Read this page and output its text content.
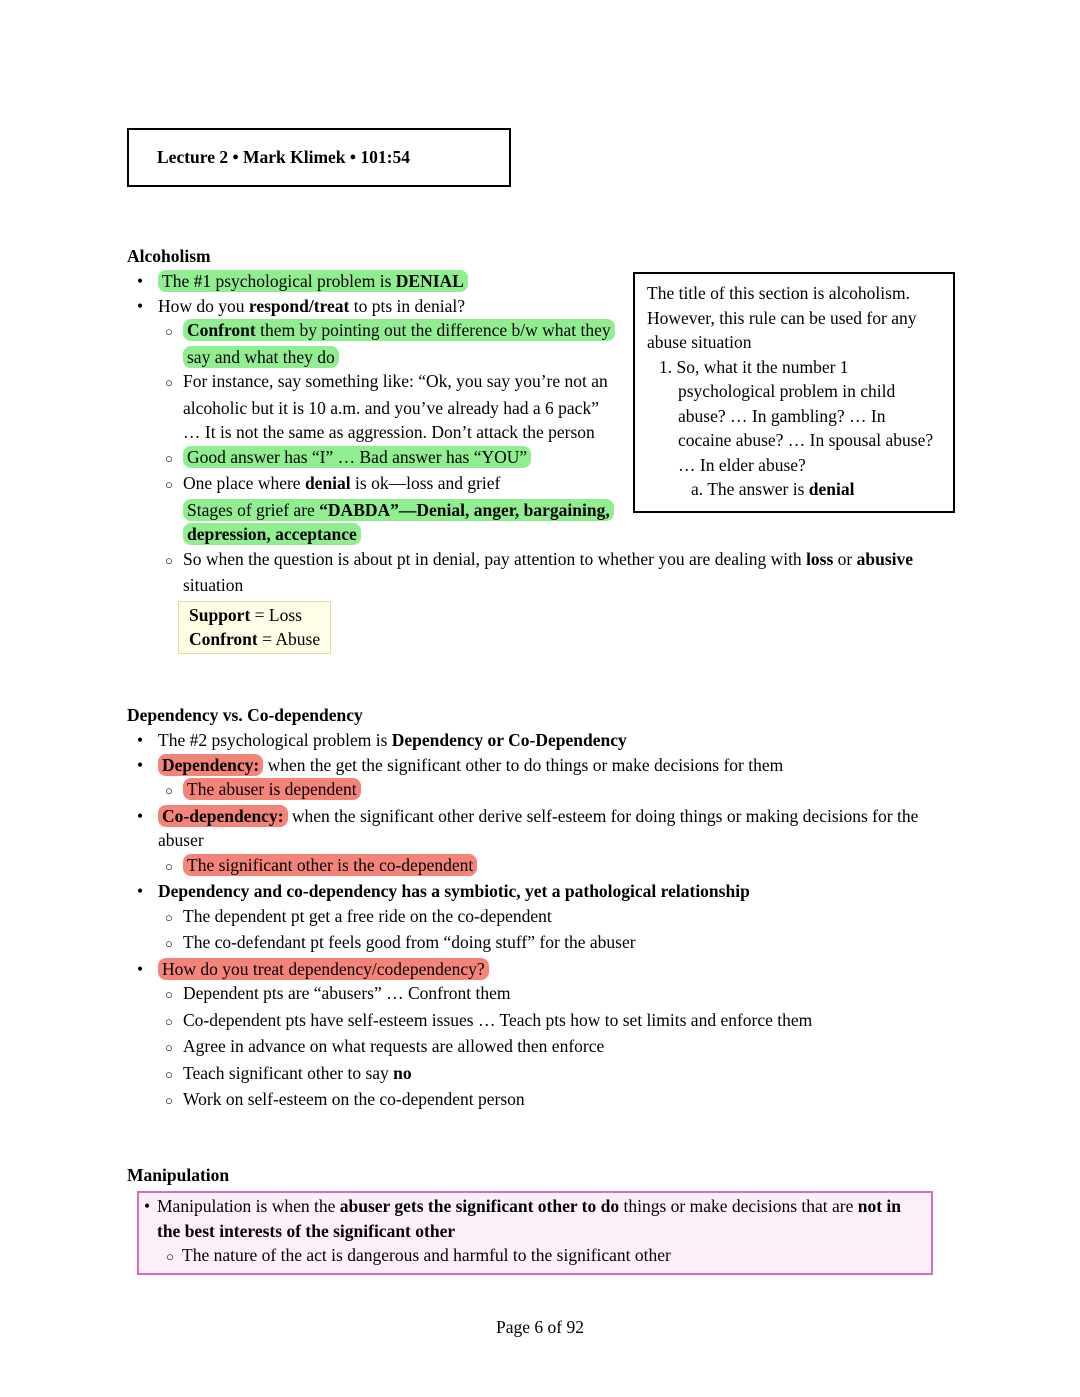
Lecture 2 • Mark Klimek • 101:54
Alcoholism
The title of this section is alcoholism. However, this rule can be used for any abuse situation
1. So, what it the number 1 psychological problem in child abuse? … In gambling? … In cocaine abuse? … In spousal abuse? … In elder abuse?
a. The answer is denial
• The #1 psychological problem is DENIAL
• How do you respond/treat to pts in denial?
○ Confront them by pointing out the difference b/w what they say and what they do
○ For instance, say something like: “Ok, you say you’re not an alcoholic but it is 10 a.m. and you’ve already had a 6 pack” … It is not the same as aggression. Don’t attack the person
○ Good answer has “I” … Bad answer has “YOU”
○ One place where denial is ok—loss and grief
Stages of grief are “DABDA”—Denial, anger, bargaining, depression, acceptance
○ So when the question is about pt in denial, pay attention to whether you are dealing with loss or abusive situation
Support = Loss
Confront = Abuse
Dependency vs. Co-dependency
• The #2 psychological problem is Dependency or Co-Dependency
• Dependency: when the get the significant other to do things or make decisions for them
○ The abuser is dependent
• Co-dependency: when the significant other derive self-esteem for doing things or making decisions for the abuser
○ The significant other is the co-dependent
• Dependency and co-dependency has a symbiotic, yet a pathological relationship
○ The dependent pt get a free ride on the co-dependent
○ The co-defendant pt feels good from “doing stuff” for the abuser
• How do you treat dependency/codependency?
○ Dependent pts are “abusers” … Confront them
○ Co-dependent pts have self-esteem issues … Teach pts how to set limits and enforce them
○ Agree in advance on what requests are allowed then enforce
○ Teach significant other to say no
○ Work on self-esteem on the co-dependent person
Manipulation
• Manipulation is when the abuser gets the significant other to do things or make decisions that are not in the best interests of the significant other
○ The nature of the act is dangerous and harmful to the significant other
Page 6 of 92
